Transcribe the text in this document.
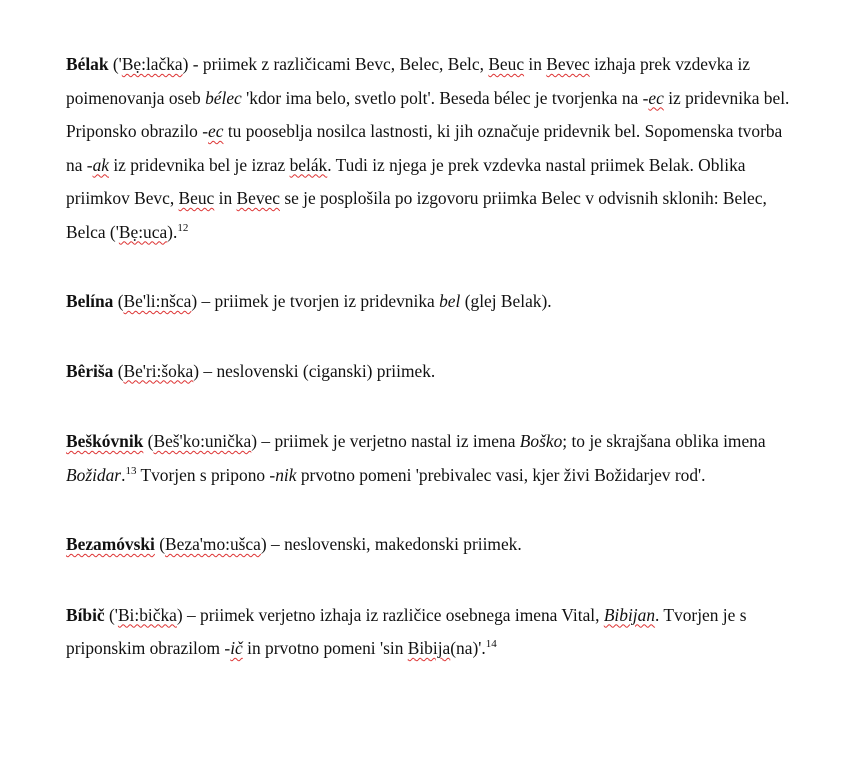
Bélak ('Bẹ:lačka) - priimek z različicami Bevc, Belec, Belc, Beuc in Bevec izhaja prek vzdevka iz poimenovanja oseb bélec 'kdor ima belo, svetlo polt'. Beseda bélec je tvorjenka na -ec iz pridevnika bel. Priponsko obrazilo -ec tu pooseblja nosilca lastnosti, ki jih označuje pridevnik bel. Sopomenska tvorba na -ak iz pridevnika bel je izraz belák. Tudi iz njega je prek vzdevka nastal priimek Belak. Oblika priimkov Bevc, Beuc in Bevec se je posplošila po izgovoru priimka Belec v odvisnih sklonih: Belec, Belca ('Bẹ:uca).$^{12}$

Belína (Be'li:nšca) – priimek je tvorjen iz pridevnika bel (glej Belak).

Bêriša (Be'ri:šoka) – neslovenski (ciganski) priimek.

Beškóvnik (Beš'ko:unička) – priimek je verjetno nastal iz imena Boško; to je skrajšana oblika imena Božidar.$^{13}$ Tvorjen s pripono -nik prvotno pomeni 'prebivalec vasi, kjer živi Božidarjev rod'.

Bezamóvski (Beza'mo:ušca) – neslovenski, makedonski priimek.

Bíbič ('Bi:bička) – priimek verjetno izhaja iz različice osebnega imena Vital, Bibijan. Tvorjen je s priponskim obrazilom -ič in prvotno pomeni 'sin Bibija(na)'.$^{14}$
